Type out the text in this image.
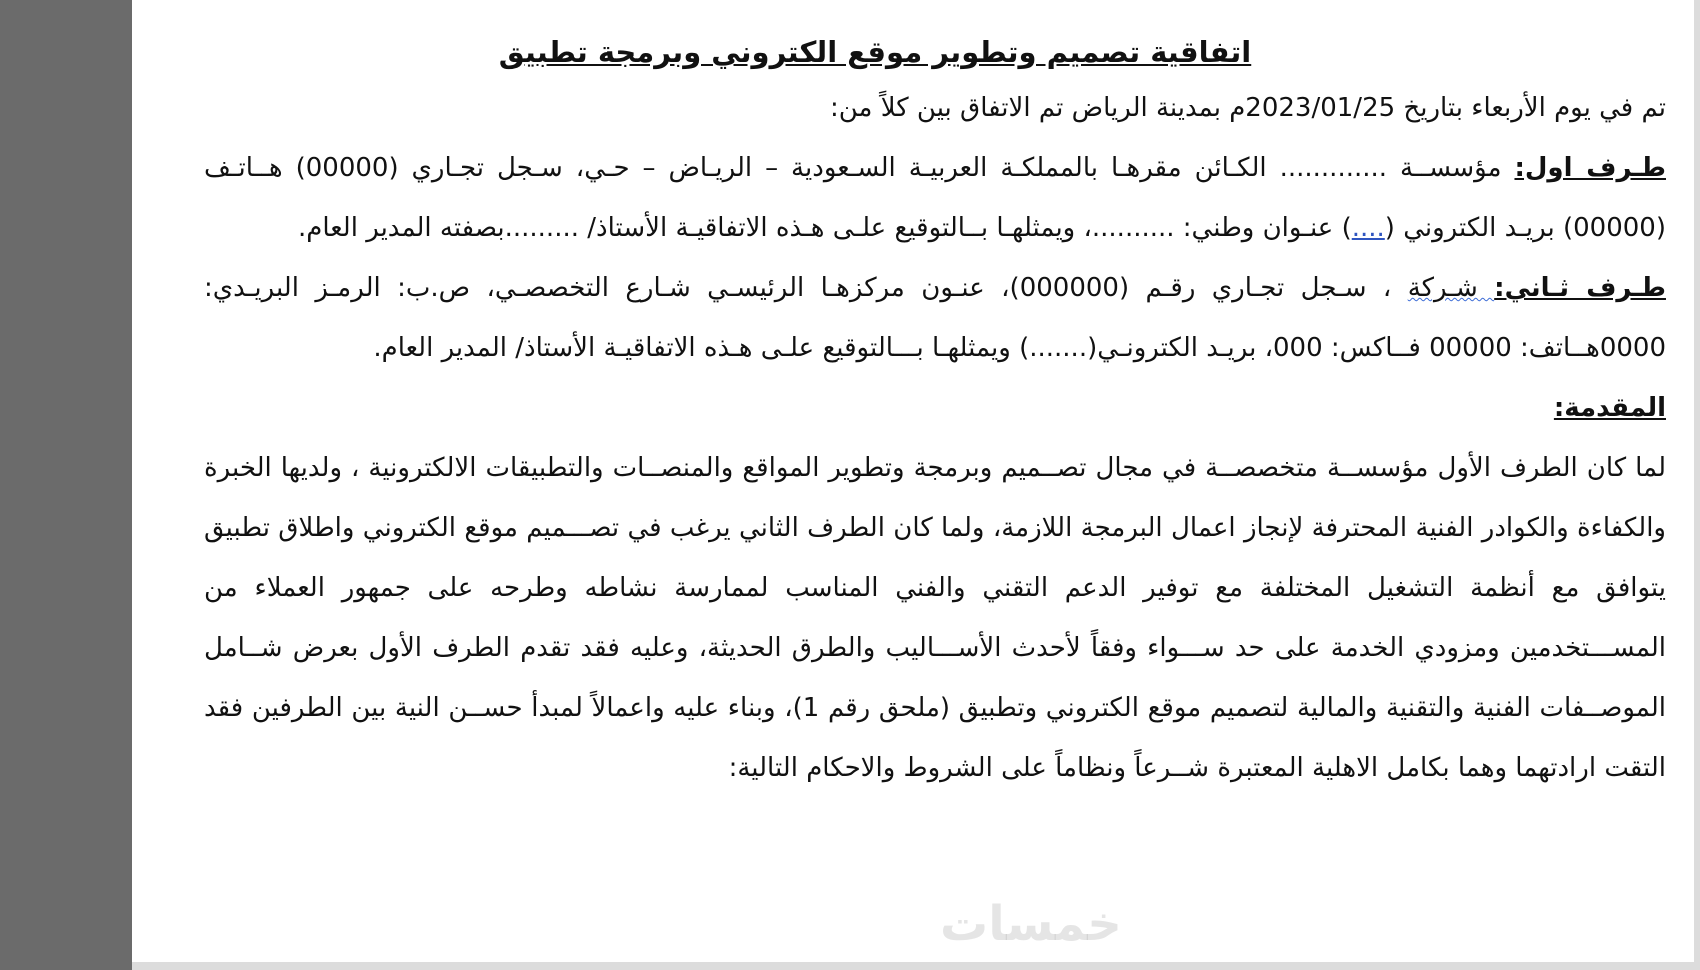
اتفاقية تصميم وتطوير موقع الكتروني وبرمجة تطبيق

تم في يوم الأربعاء بتاريخ 2023/01/25م بمدينة الرياض تم الاتفاق بين كلاً من:

طـرف اول: مؤسســة ............. الكـائن مقرهـا بالمملكـة العربيـة السـعودية – الريـاض – حـي، سـجل تجـاري (00000) هــاتـف (00000) بريـد الكتروني (....) عنـوان وطني: ..........، ويمثلهـا بــالتوقيع علـى هـذه الاتفاقيـة الأستاذ/ .........بصفته المدير العام.

طـرف ثـاني: شـركة ، سـجل تجـاري رقـم (000000)، عنـون مركزهـا الرئيسـي شـارع التخصصـي، ص.ب: الرمـز البريـدي: 0000هــاتف: 00000 فــاكس: 000، بريـد الكترونـي(.......) ويمثلهـا بـــالتوقيع علـى هـذه الاتفاقيـة الأستاذ/ المدير العام.

المقدمة:

لما كان الطرف الأول مؤسســة متخصصــة في مجال تصــميم وبرمجة وتطوير المواقع والمنصــات والتطبيقات الالكترونية ، ولديها الخبرة والكفاءة والكوادر الفنية المحترفة لإنجاز اعمال البرمجة اللازمة، ولما كان الطرف الثاني يرغب في تصـــميم موقع الكتروني واطلاق تطبيق يتوافق مع أنظمة التشغيل المختلفة مع توفير الدعم التقني والفني المناسب لممارسة نشاطه وطرحه على جمهور العملاء من المســـتخدمين ومزودي الخدمة على حد ســـواء وفقاً لأحدث الأســـاليب والطرق الحديثة، وعليه فقد تقدم الطرف الأول بعرض شــامل الموصــفات الفنية والتقنية والمالية لتصميم موقع الكتروني وتطبيق (ملحق رقم 1)، وبناء عليه واعمالاً لمبدأ حســن النية بين الطرفين فقد التقت ارادتهما وهما بكامل الاهلية المعتبرة شــرعاً ونظاماً على الشروط والاحكام التالية:

خمسات
